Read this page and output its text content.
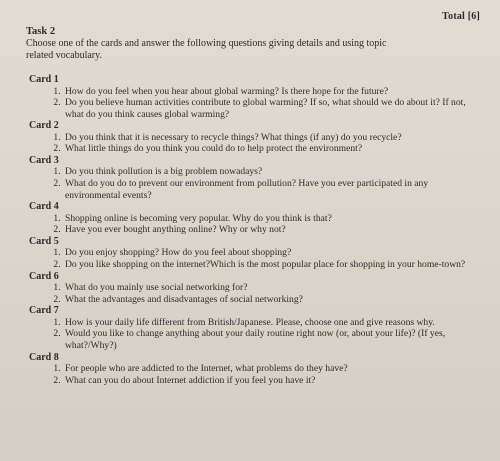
Total [6]
Task 2
Choose one of the cards and answer the following questions giving details and using topic related vocabulary.
Card 1
1. How do you feel when you hear about global warming? Is there hope for the future?
2. Do you believe human activities contribute to global warming? If so, what should we do about it? If not, what do you think causes global warming?
Card 2
1. Do you think that it is necessary to recycle things? What things (if any) do you recycle?
2. What little things do you think you could do to help protect the environment?
Card 3
1. Do you think pollution is a big problem nowadays?
2. What do you do to prevent our environment from pollution? Have you ever participated in any environmental events?
Card 4
1. Shopping online is becoming very popular. Why do you think is that?
2. Have you ever bought anything online? Why or why not?
Card 5
1. Do you enjoy shopping? How do you feel about shopping?
2. Do you like shopping on the internet?Which is the most popular place for shopping in your home-town?
Card 6
1. What do you mainly use social networking for?
2. What the advantages and disadvantages of social networking?
Card 7
1. How is your daily life different from British/Japanese. Please, choose one and give reasons why.
2. Would you like to change anything about your daily routine right now (or, about your life)? (If yes, what?/Why?)
Card 8
1. For people who are addicted to the Internet, what problems do they have?
2. What can you do about Internet addiction if you feel you have it?
